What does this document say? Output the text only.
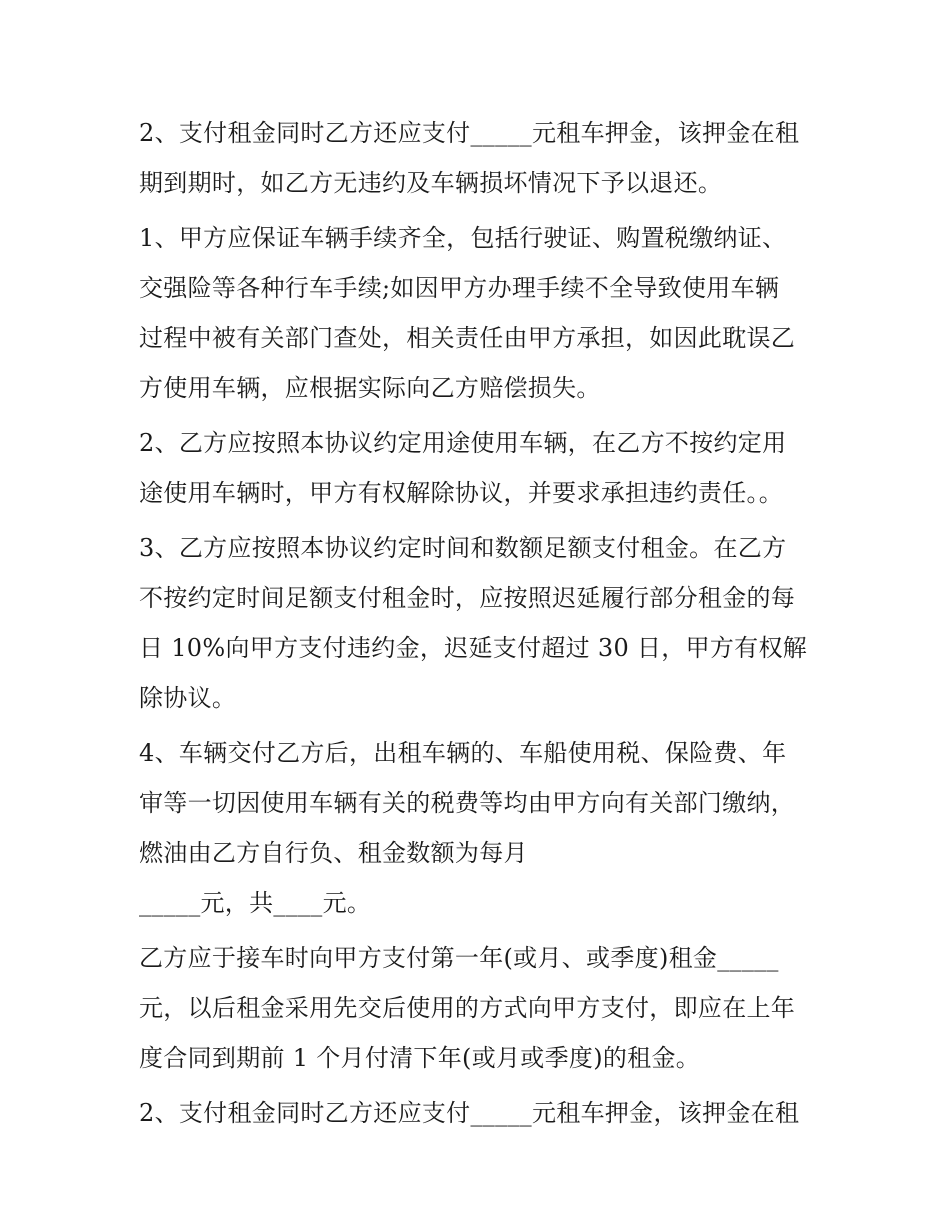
2、支付租金同时乙方还应支付_____元租车押金，该押金在租
期到期时，如乙方无违约及车辆损坏情况下予以退还。
1、甲方应保证车辆手续齐全，包括行驶证、购置税缴纳证、
交强险等各种行车手续;如因甲方办理手续不全导致使用车辆
过程中被有关部门查处，相关责任由甲方承担，如因此耽误乙
方使用车辆，应根据实际向乙方赔偿损失。
2、乙方应按照本协议约定用途使用车辆，在乙方不按约定用
途使用车辆时，甲方有权解除协议，并要求承担违约责任。。
3、乙方应按照本协议约定时间和数额足额支付租金。在乙方
不按约定时间足额支付租金时，应按照迟延履行部分租金的每
日 10%向甲方支付违约金，迟延支付超过 30 日，甲方有权解
除协议。
4、车辆交付乙方后，出租车辆的、车船使用税、保险费、年
审等一切因使用车辆有关的税费等均由甲方向有关部门缴纳，
燃油由乙方自行负、租金数额为每月
_____元，共____元。
乙方应于接车时向甲方支付第一年(或月、或季度)租金_____
元，以后租金采用先交后使用的方式向甲方支付，即应在上年
度合同到期前 1 个月付清下年(或月或季度)的租金。
2、支付租金同时乙方还应支付_____元租车押金，该押金在租
